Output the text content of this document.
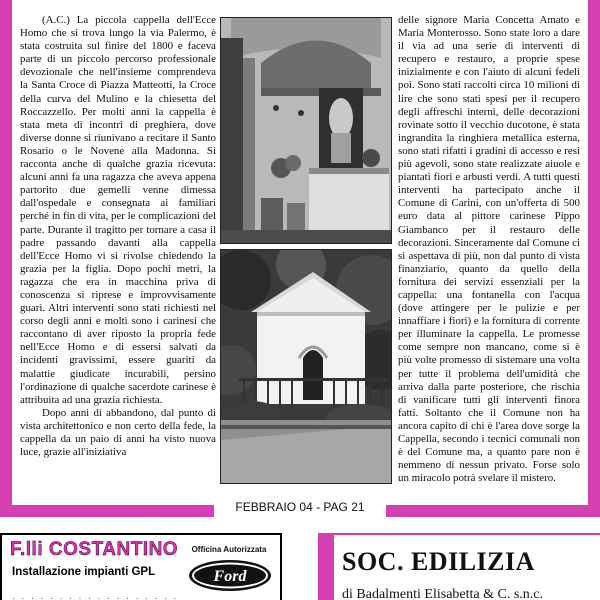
(A.C.) La piccola cappella dell'Ecce Homo che si trova lungo la via Palermo, è stata costruita sul finire del 1800 e faceva parte di un piccolo percorso professionale devozionale che nell'insieme comprendeva la Santa Croce di Piazza Matteotti, la Croce della curva del Mulino e la chiesetta del Roccazzello. Per molti anni la cappella è stata meta di incontri di preghiera, dove diverse donne si riunivano a recitare il Santo Rosario o le Novene alla Madonna. Si racconta anche di qualche grazia ricevuta: alcuni anni fa una ragazza che aveva appena partorito due gemelli venne dimessa dall'ospedale e consegnata ai familiari perché in fin di vita, per le complicazioni del parte. Durante il tragitto per tornare a casa il padre passando davanti alla cappella dell'Ecce Homo vi si rivolse chiedendo la grazia per la figlia. Dopo pochi metri, la ragazza che era in macchina priva di conoscenza si riprese e improvvisamente guarì. Altri interventi sono stati richiesti nel corso degli anni e molti sono i carinesi che raccontano di aver riposto la propria fede nell'Ecce Homo e di essersi salvati da incidenti gravissimi, essere guariti da malattie giudicate incurabili, persino l'ordinazione di qualche sacerdote carinese è attribuita ad una grazia richiesta.

Dopo anni di abbandono, dal punto di vista architettonico e non certo della fede, la cappella da un paio di anni ha visto nuova luce, grazie all'iniziativa

delle signore Maria Concetta Amato e Maria Monterosso. Sono state loro a dare il via ad una serie di interventi di recupero e restauro, a proprie spese inizialmente e con l'aiuto di alcuni fedeli poi. Sono stati raccolti circa 10 milioni di lire che sono stati spesi per il recupero degli affreschi interni, delle decorazioni rovinate sotto il vecchio ducotone, è stata ingrandita la ringhiera metallica esterna, sono stati rifatti i gradini di accesso e resi più agevoli, sono state realizzate aiuole e piantati fiori e arbusti verdi. A tutti questi interventi ha partecipato anche il Comune di Carini, con un'offerta di 500 euro data al pittore carinese Pippo Giambanco per il restauro delle decorazioni. Sinceramente dal Comune ci si aspettava di più, non dal punto di vista finanziario, quanto da quello della fornitura dei servizi essenziali per la cappella: una fontanella con l'acqua (dove attingere per le pulizie e per innaffiare i fiori) e la fornitura di corrente per illuminare la cappella. Le promesse come sempre non mancano, come si è più volte promesso di sistemare una volta per tutte il problema dell'umidità che arriva dalla parte posteriore, che rischia di vanificare tutti gli interventi finora fatti. Soltanto che il Comune non ha ancora capito di chi è l'area dove sorge la Cappella, secondo i tecnici comunali non è del Comune ma, a quanto pare non è nemmeno di nessun privato. Forse solo un miracolo potrà svelare il mistero.

FEBBRAIO 04 - PAG 21
F.lli COSTANTINO
Installazione impianti GPL
Officina Autorizzata
Ford
· · · · · · · · · · · · · · · · · ·
SOC. EDILIZIA
di Badalmenti Elisabetta & C. s.n.c.
